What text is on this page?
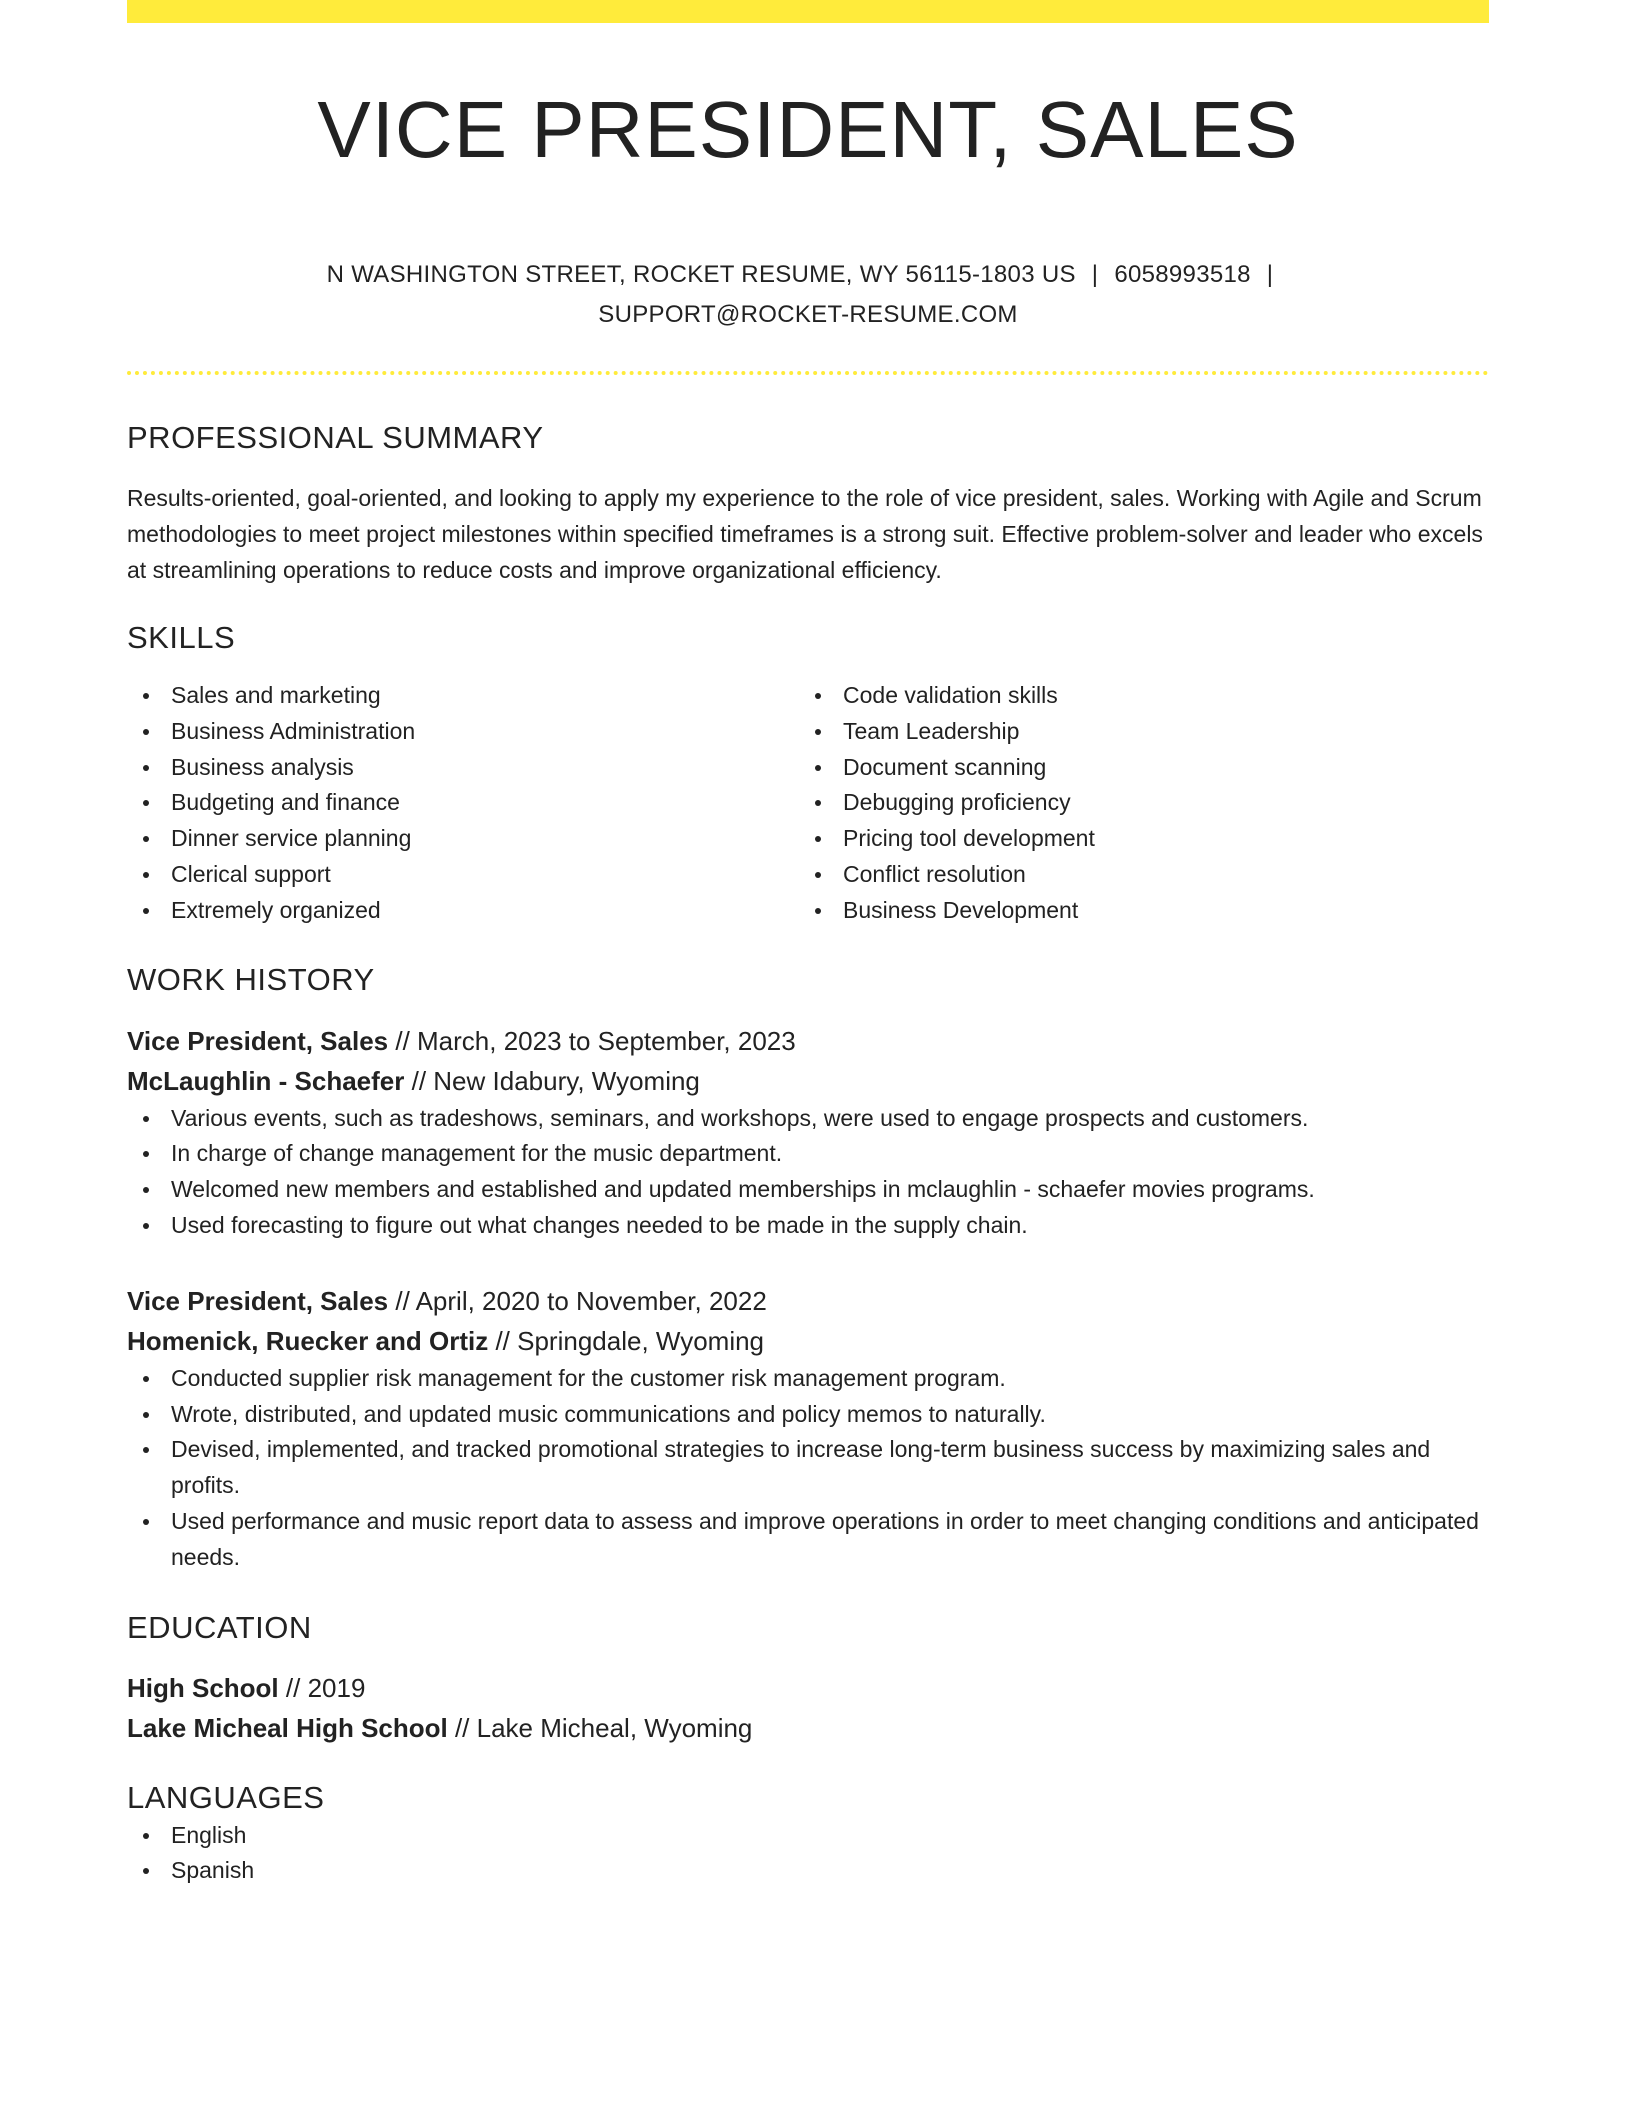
VICE PRESIDENT, SALES
N WASHINGTON STREET, ROCKET RESUME, WY 56115-1803 US | 6058993518 |
SUPPORT@ROCKET-RESUME.COM
PROFESSIONAL SUMMARY
Results-oriented, goal-oriented, and looking to apply my experience to the role of vice president, sales. Working with Agile and Scrum methodologies to meet project milestones within specified timeframes is a strong suit. Effective problem-solver and leader who excels at streamlining operations to reduce costs and improve organizational efficiency.
SKILLS
Sales and marketing
Business Administration
Business analysis
Budgeting and finance
Dinner service planning
Clerical support
Extremely organized
Code validation skills
Team Leadership
Document scanning
Debugging proficiency
Pricing tool development
Conflict resolution
Business Development
WORK HISTORY
Vice President, Sales // March, 2023 to September, 2023
McLaughlin - Schaefer // New Idabury, Wyoming
Various events, such as tradeshows, seminars, and workshops, were used to engage prospects and customers.
In charge of change management for the music department.
Welcomed new members and established and updated memberships in mclaughlin - schaefer movies programs.
Used forecasting to figure out what changes needed to be made in the supply chain.
Vice President, Sales // April, 2020 to November, 2022
Homenick, Ruecker and Ortiz // Springdale, Wyoming
Conducted supplier risk management for the customer risk management program.
Wrote, distributed, and updated music communications and policy memos to naturally.
Devised, implemented, and tracked promotional strategies to increase long-term business success by maximizing sales and profits.
Used performance and music report data to assess and improve operations in order to meet changing conditions and anticipated needs.
EDUCATION
High School // 2019
Lake Micheal High School // Lake Micheal, Wyoming
LANGUAGES
English
Spanish
